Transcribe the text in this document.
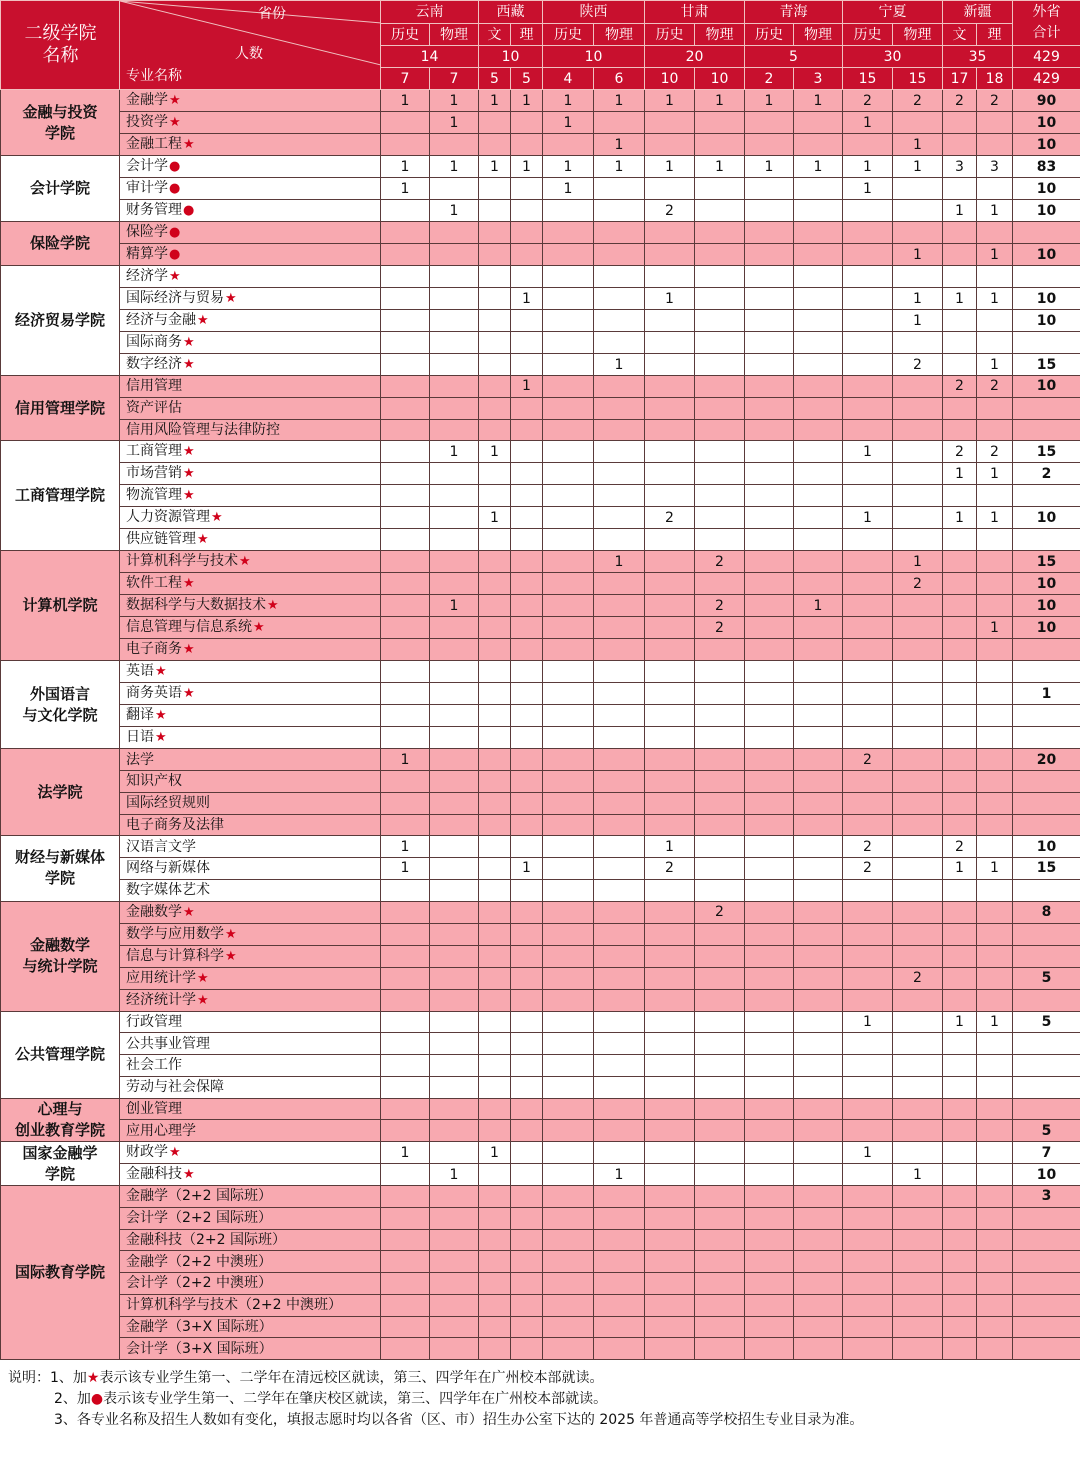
二级学院
名称	省份
人数
专业名称	云南		西藏		陕西		甘肃		青海		宁夏		新疆		外省
合计
		历史	物理	文	理	历史	物理	历史	物理	历史	物理	历史	物理	文	理	
		14		10		10		20		5		30		35		429
		7	7	5	5	4	6	10	10	2	3	15	15	17	18	429
金融与投资
学院	金融学★	1	1	1	1	1	1	1	1	1	1	2	2	2	2	90
	投资学★		1			1						1				10
	金融工程★						1						1			10
会计学院	会计学●	1	1	1	1	1	1	1	1	1	1	1	1	3	3	83
	审计学●	1				1						1				10
	财务管理●		1					2						1	1	10
保险学院	保险学●															
	精算学●												1		1	10
经济贸易学院	经济学★															
	国际经济与贸易★				1			1					1	1	1	10
	经济与金融★												1			10
	国际商务★															
	数字经济★						1						2		1	15
信用管理学院	信用管理				1									2	2	10
	资产评估															
	信用风险管理与法律防控															
工商管理学院	工商管理★		1	1								1		2	2	15
	市场营销★													1	1	2
	物流管理★															
	人力资源管理★			1				2				1		1	1	10
	供应链管理★															
计算机学院	计算机科学与技术★						1		2				1			15
	软件工程★												2			10
	数据科学与大数据技术★		1						2		1					10
	信息管理与信息系统★								2						1	10
	电子商务★															
外国语言
与文化学院	英语★															
	商务英语★															1
	翻译★															
	日语★															
法学院	法学	1										2				20
	知识产权															
	国际经贸规则															
	电子商务及法律															
财经与新媒体
学院	汉语言文学	1						1				2		2		10
	网络与新媒体	1			1			2				2		1	1	15
	数字媒体艺术															
金融数学
与统计学院	金融数学★								2							8
	数学与应用数学★															
	信息与计算科学★															
	应用统计学★												2			5
	经济统计学★															
公共管理学院	行政管理											1		1	1	5
	公共事业管理															
	社会工作															
	劳动与社会保障															
心理与
创业教育学院	创业管理															
	应用心理学															5
国家金融学
学院	财政学★	1		1								1				7
	金融科技★		1				1						1			10
国际教育学院	金融学（2+2 国际班）															3
	会计学（2+2 国际班）															
	金融科技（2+2 国际班）															
	金融学（2+2 中澳班）															
	会计学（2+2 中澳班）															
	计算机科学与技术（2+2 中澳班）															
	金融学（3+X 国际班）															
	会计学（3+X 国际班）															
说明：1、加★表示该专业学生第一、二学年在清远校区就读，第三、四学年在广州校本部就读。
2、加●表示该专业学生第一、二学年在肇庆校区就读，第三、四学年在广州校本部就读。
3、各专业名称及招生人数如有变化，填报志愿时均以各省（区、市）招生办公室下达的 2025 年普通高等学校招生专业目录为准。
